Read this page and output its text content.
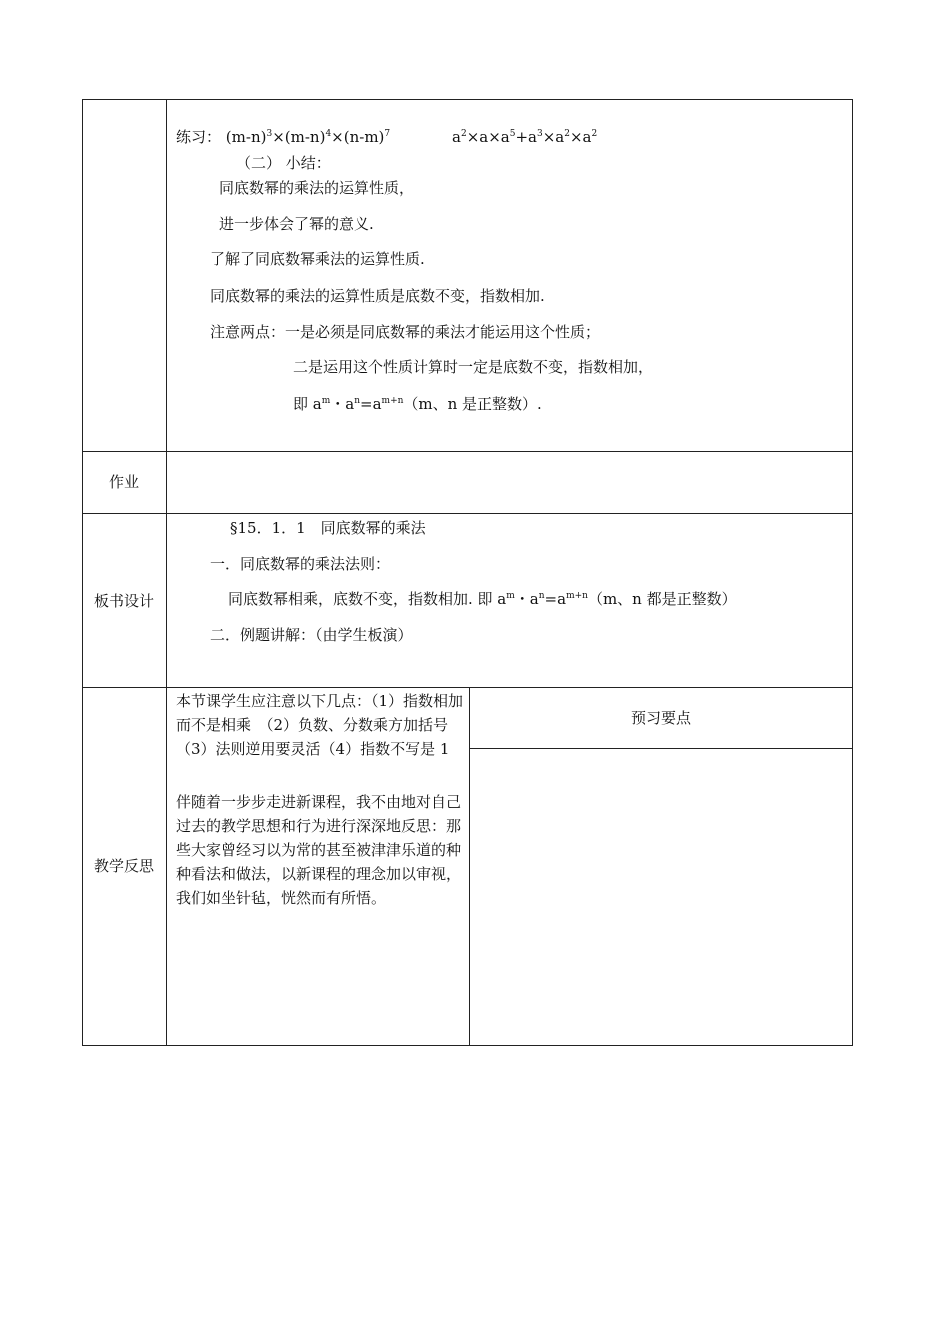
练习： $(m-n)^3\times(m-n)^4\times(n-m)^7$	$a^2\times a\times a^5+a^3\times a^2\times a^2$
（二） 小结：
同底数幂的乘法的运算性质，
进一步体会了幂的意义.
了解了同底数幂乘法的运算性质.
同底数幂的乘法的运算性质是底数不变，指数相加.
注意两点：一是必须是同底数幂的乘法才能运用这个性质；
二是运用这个性质计算时一定是底数不变，指数相加，
即 $a^m$・$a^n=a^{m+n}(m$、n 是正整数）.
作业
板书设计
§15．1．1　同底数幂的乘法
一．同底数幂的乘法法则：
同底数幂相乘，底数不变，指数相加. 即 $a^m$・$a^n=a^{m+n}(m$、n 都是正整数）
二．例题讲解：（由学生板演）
教学反思
本节课学生应注意以下几点：（1）指数相加而不是相乘　（2）负数、分数乘方加括号（3）法则逆用要灵活（4）指数不写是 1
伴随着一步步走进新课程，我不由地对自己过去的教学思想和行为进行深深地反思：那些大家曾经习以为常的甚至被津津乐道的种种看法和做法，以新课程的理念加以审视，我们如坐针毡，恍然而有所悟。
预习要点
